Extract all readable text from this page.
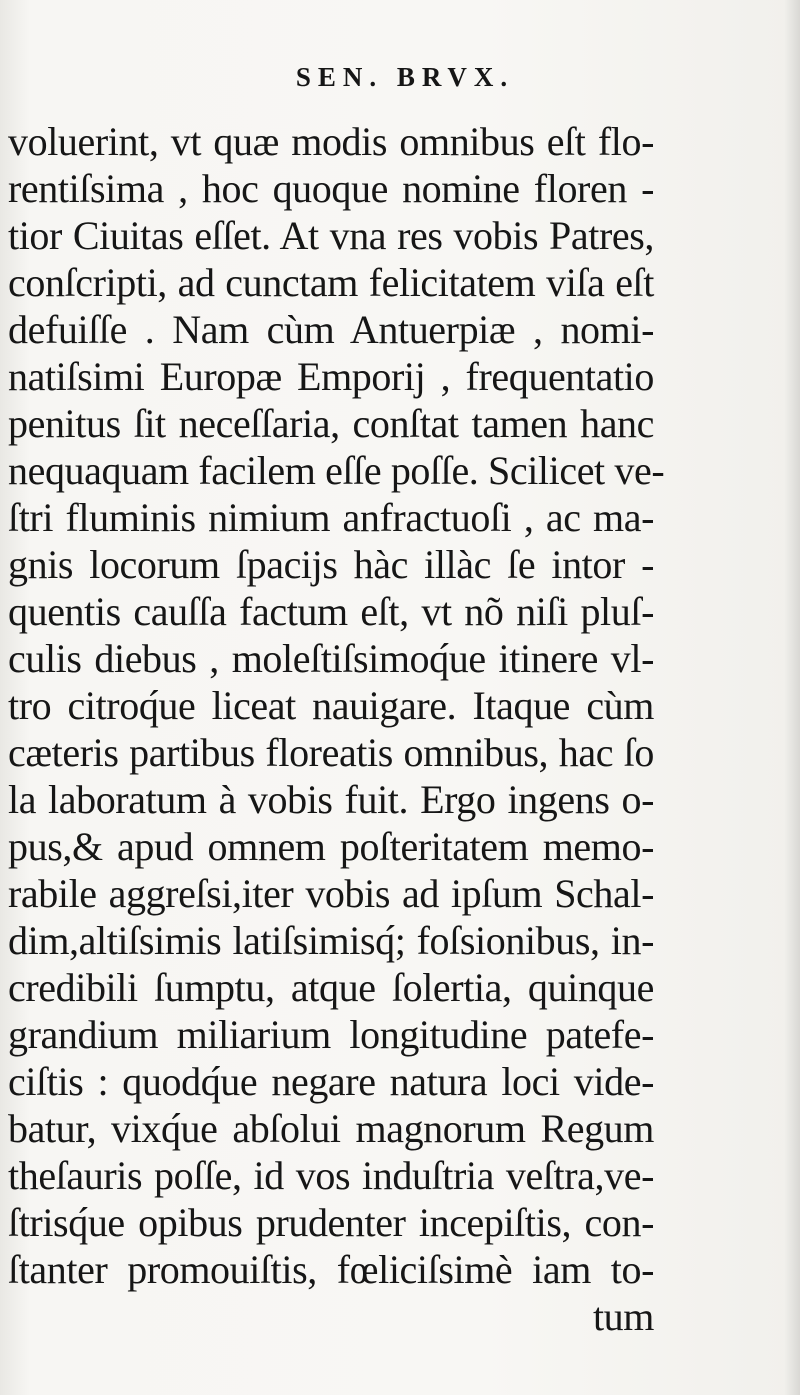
SEN. BRVX.
voluerint, vt quæ modis omnibus eſt flo-
rentiſsima , hoc quoque nomine floren -
tior Ciuitas eſſet. At vna res vobis Patres,
conſcripti, ad cunctam felicitatem viſa eſt
defuiſſe . Nam cùm Antuerpiæ , nomi-
natiſsimi Europæ Emporij , frequentatio
penitus ſit neceſſaria, conſtat tamen hanc
nequaquam facilem eſſe poſſe. Scilicet ve-
ſtri fluminis nimium anfractuoſi , ac ma-
gnis locorum ſpacijs hàc illàc ſe intor -
quentis cauſſa factum eſt, vt nõ niſi pluſ-
culis diebus , moleſtiſsimoq́ue itinere vl-
tro citroq́ue liceat nauigare. Itaque cùm
cæteris partibus floreatis omnibus, hac ſo
la laboratum à vobis fuit. Ergo ingens o-
pus,& apud omnem poſteritatem memo-
rabile aggreſsi,iter vobis ad ipſum Schal-
dim,altiſsimis latiſsimisq́; foſsionibus, in-
credibili ſumptu, atque ſolertia, quinque
grandium miliarium longitudine patefe-
ciſtis : quodq́ue negare natura loci vide-
batur, vixq́ue abſolui magnorum Regum
theſauris poſſe, id vos induſtria veſtra,ve-
ſtrisq́ue opibus prudenter incepiſtis, con-
ſtanter promouiſtis, fœliciſsimè iam to-
tum
